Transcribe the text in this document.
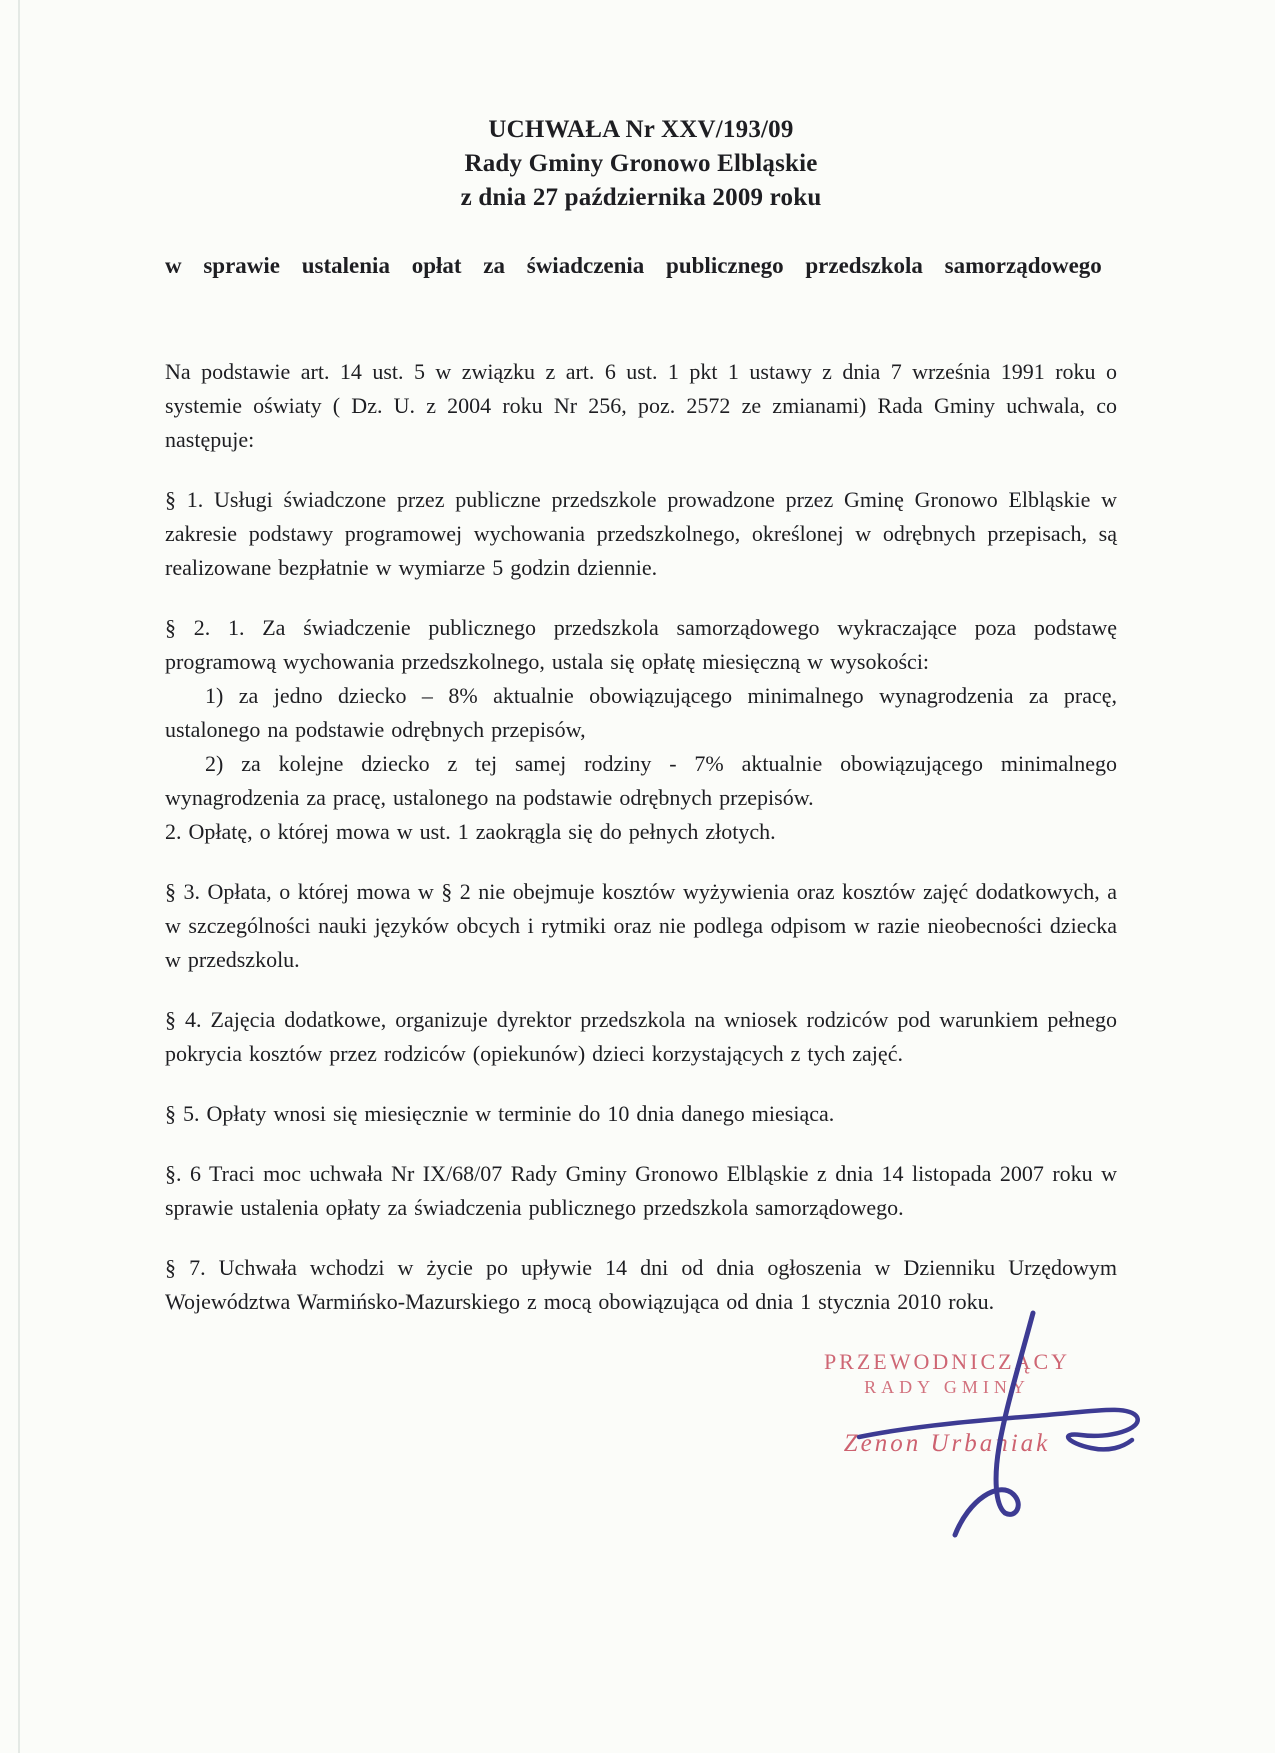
UCHWAŁA Nr XXV/193/09
Rady Gminy Gronowo Elbląskie
z dnia 27 października 2009 roku

w sprawie ustalenia opłat za świadczenia publicznego przedszkola samorządowego

Na podstawie art. 14 ust. 5 w związku z art. 6 ust. 1 pkt 1 ustawy z dnia 7 września 1991 roku o systemie oświaty ( Dz. U. z 2004 roku Nr 256, poz. 2572 ze zmianami) Rada Gminy uchwala, co następuje:

§ 1. Usługi świadczone przez publiczne przedszkole prowadzone przez Gminę Gronowo Elbląskie w zakresie podstawy programowej wychowania przedszkolnego, określonej w odrębnych przepisach, są realizowane bezpłatnie w wymiarze 5 godzin dziennie.

§ 2. 1. Za świadczenie publicznego przedszkola samorządowego wykraczające poza podstawę programową wychowania przedszkolnego, ustala się opłatę miesięczną w wysokości:

1) za jedno dziecko – 8% aktualnie obowiązującego minimalnego wynagrodzenia za pracę, ustalonego na podstawie odrębnych przepisów,

2) za kolejne dziecko z tej samej rodziny - 7% aktualnie obowiązującego minimalnego wynagrodzenia za pracę, ustalonego na podstawie odrębnych przepisów.

2. Opłatę, o której mowa w ust. 1 zaokrągla się do pełnych złotych.

§ 3. Opłata, o której mowa w § 2 nie obejmuje kosztów wyżywienia oraz kosztów zajęć dodatkowych, a w szczególności nauki języków obcych i rytmiki oraz nie podlega odpisom w razie nieobecności dziecka w przedszkolu.

§ 4. Zajęcia dodatkowe, organizuje dyrektor przedszkola na wniosek rodziców pod warunkiem pełnego pokrycia kosztów przez rodziców (opiekunów) dzieci korzystających z tych zajęć.

§ 5. Opłaty wnosi się miesięcznie w terminie do 10 dnia danego miesiąca.

§. 6 Traci moc uchwała Nr IX/68/07 Rady Gminy Gronowo Elbląskie z dnia 14 listopada 2007 roku w sprawie ustalenia opłaty za świadczenia publicznego przedszkola samorządowego.

§ 7. Uchwała wchodzi w życie po upływie 14 dni od dnia ogłoszenia w Dzienniku Urzędowym Województwa Warmińsko-Mazurskiego z mocą obowiązująca od dnia 1 stycznia 2010 roku.

PRZEWODNICZĄCY
RADY GMINY
Zenon Urbaniak
